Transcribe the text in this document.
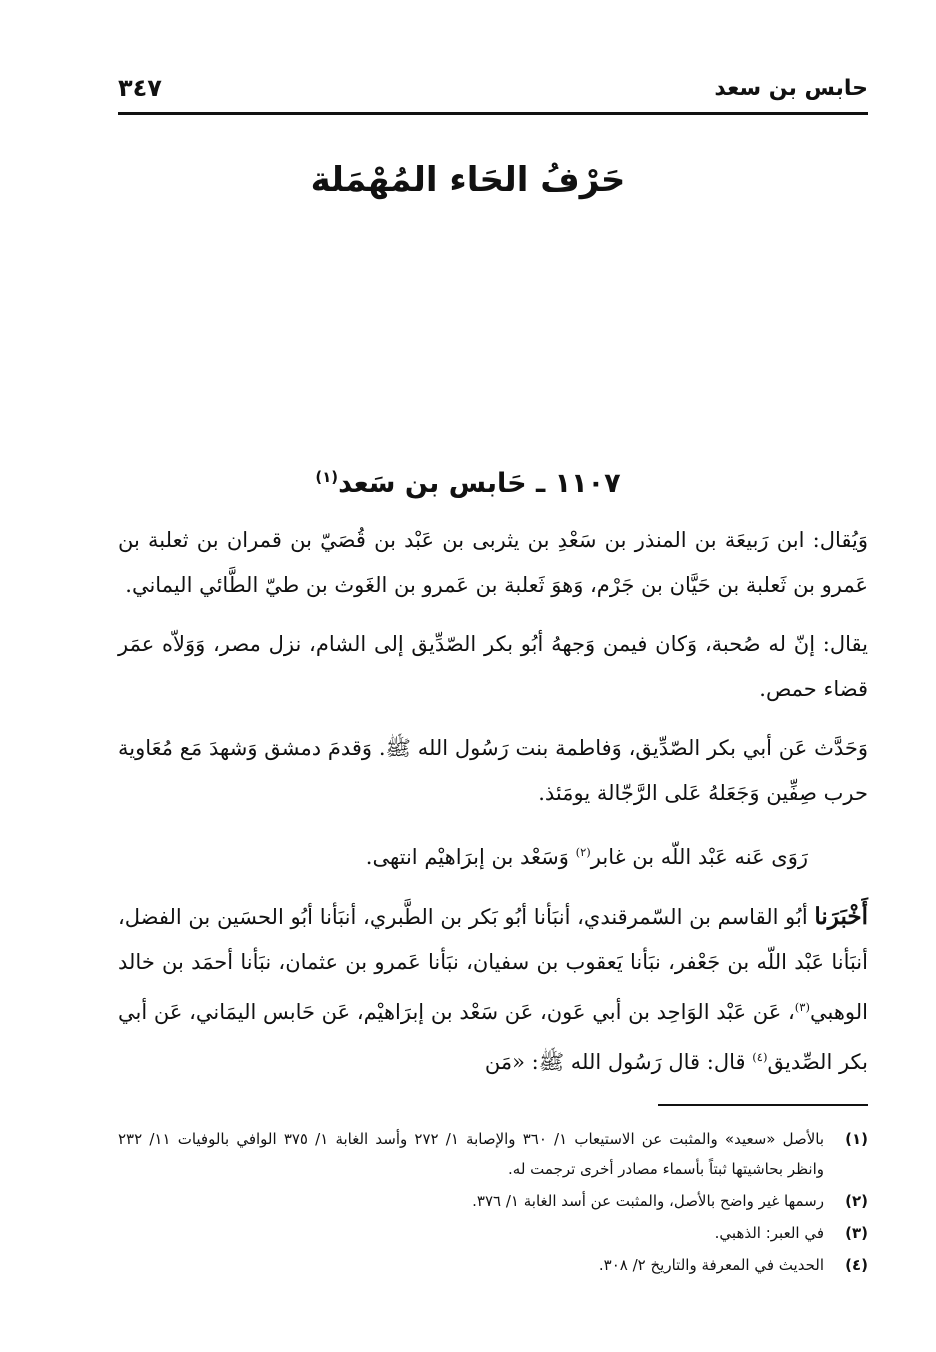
حابس بن سعد
٣٤٧
حَرْفُ الحَاء المُهْمَلة
١١٠٧ ـ حَابس بن سَعد$^{(١)}$

وَيُقال: ابن رَبيعَة بن المنذر بن سَعْدِ بن يثربى بن عَبْد بن قُصَيّ بن قمران بن ثعلبة بن عَمرو بن ثَعلبة بن حَيَّان بن جَرْم، وَهوَ ثَعلبة بن عَمرو بن الغَوث بن طيّ الطَّائي اليماني.

يقال: إنّ له صُحبة، وَكان فيمن وَجههُ أبُو بكر الصّدِّيق إلى الشام، نزل مصر، وَوَلاّه عمَر قضاء حمص.

وَحَدَّث عَن أبي بكر الصّدِّيق، وَفاطمة بنت رَسُول الله ﷺ. وَقدمَ دمشق وَشهدَ مَع مُعَاوية حرب صِفِّين وَجَعَلهُ عَلى الرَّجّالة يومَئذ.

رَوَى عَنه عَبْد اللّه بن غابر$^{(٢)}$ وَسَعْد بن إبرَاهيْم انتهى.

أَخْبَرَنا أبُو القاسم بن السّمرقندي، أنبَأنا أبُو بَكر بن الطَّبري، أنبَأنا أبُو الحسَين بن الفضل، أنبَأنا عَبْد اللّه بن جَعْفر، نبَأنا يَعقوب بن سفيان، نبَأنا عَمرو بن عثمان، نبَأنا أحمَد بن خالد الوهبي$^{(٣)}$، عَن عَبْد الوَاحِد بن أبي عَون، عَن سَعْد بن إبرَاهيْم، عَن حَابس اليمَاني، عَن أبي بكر الصِّديق$^{(٤)}$ قال: قال رَسُول الله ﷺ: «مَن

(١)
بالأصل «سعيد» والمثبت عن الاستيعاب ١/ ٣٦٠ والإصابة ١/ ٢٧٢ وأسد الغابة ١/ ٣٧٥ الوافي بالوفيات ١١/ ٢٣٢ وانظر بحاشيتها ثبتاً بأسماء مصادر أخرى ترجمت له.
(٢)
رسمها غير واضح بالأصل، والمثبت عن أسد الغابة ١/ ٣٧٦.
(٣)
في العبر: الذهبي.
(٤)
الحديث في المعرفة والتاريخ ٢/ ٣٠٨.
